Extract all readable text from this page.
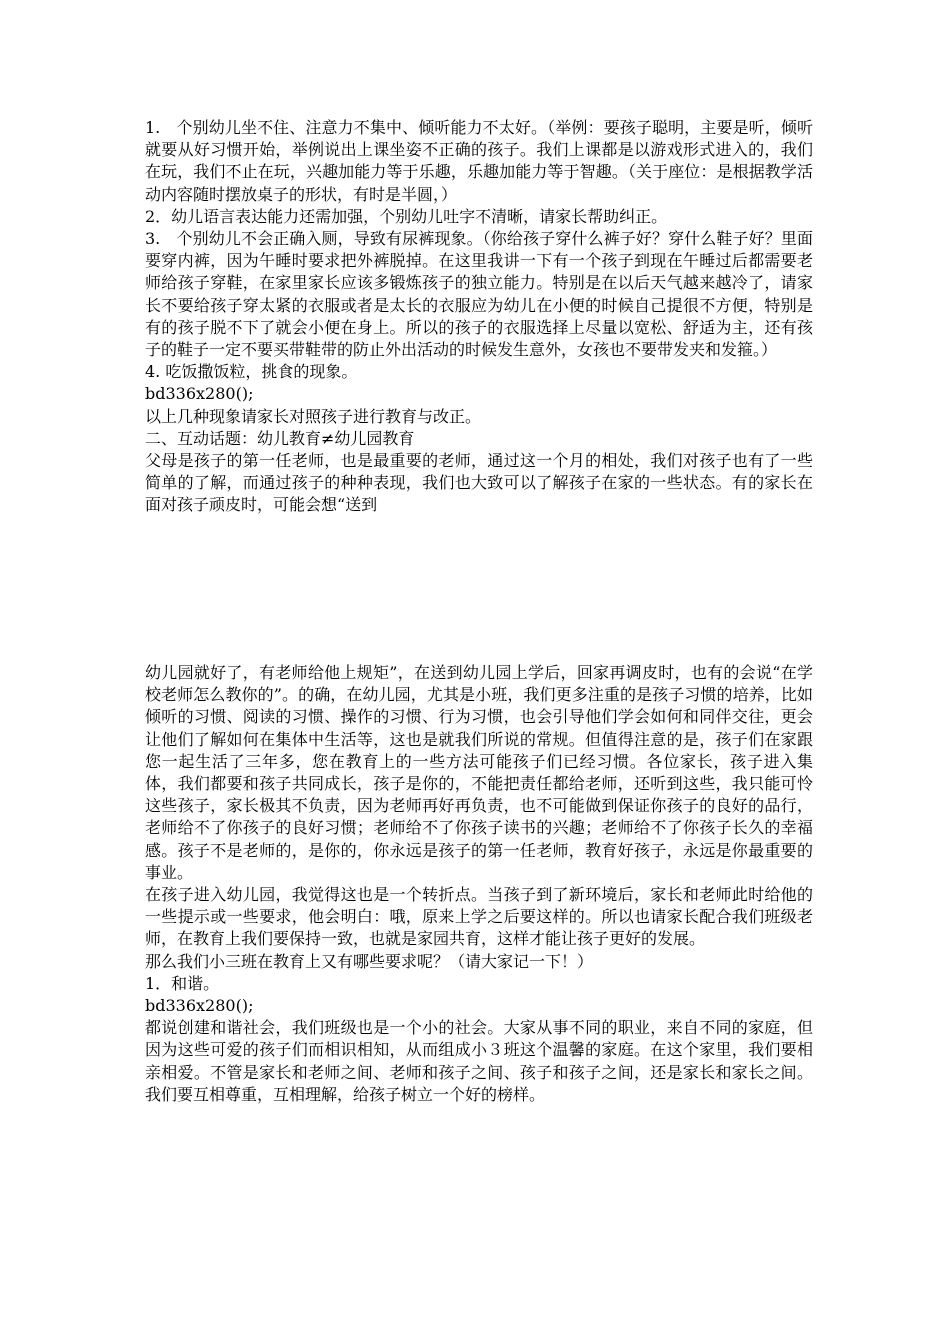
1.　个别幼儿坐不住、注意力不集中、倾听能力不太好。（举例：要孩子聪明，主要是听，倾听就要从好习惯开始，举例说出上课坐姿不正确的孩子。我们上课都是以游戏形式进入的，我们在玩，我们不止在玩，兴趣加能力等于乐趣，乐趣加能力等于智趣。（关于座位：是根据教学活动内容随时摆放桌子的形状，有时是半圆，）

2．幼儿语言表达能力还需加强，个别幼儿吐字不清晰，请家长帮助纠正。

3.　个别幼儿不会正确入厕，导致有尿裤现象。（你给孩子穿什么裤子好？穿什么鞋子好？里面要穿内裤，因为午睡时要求把外裤脱掉。在这里我讲一下有一个孩子到现在午睡过后都需要老师给孩子穿鞋，在家里家长应该多锻炼孩子的独立能力。特别是在以后天气越来越冷了，请家长不要给孩子穿太紧的衣服或者是太长的衣服应为幼儿在小便的时候自己提很不方便，特别是有的孩子脱不下了就会小便在身上。所以的孩子的衣服选择上尽量以宽松、舒适为主，还有孩子的鞋子一定不要买带鞋带的防止外出活动的时候发生意外，女孩也不要带发夹和发箍。）

4. 吃饭撒饭粒，挑食的现象。

bd336x280();

以上几种现象请家长对照孩子进行教育与改正。

二、互动话题：幼儿教育≠幼儿园教育

父母是孩子的第一任老师，也是最重要的老师，通过这一个月的相处，我们对孩子也有了一些简单的了解，而通过孩子的种种表现，我们也大致可以了解孩子在家的一些状态。有的家长在面对孩子顽皮时，可能会想“送到

幼儿园就好了，有老师给他上规矩”，在送到幼儿园上学后，回家再调皮时，也有的会说“在学校老师怎么教你的”。的确，在幼儿园，尤其是小班，我们更多注重的是孩子习惯的培养，比如倾听的习惯、阅读的习惯、操作的习惯、行为习惯，也会引导他们学会如何和同伴交往，更会让他们了解如何在集体中生活等，这也是就我们所说的常规。但值得注意的是，孩子们在家跟您一起生活了三年多，您在教育上的一些方法可能孩子们已经习惯。各位家长，孩子进入集体，我们都要和孩子共同成长，孩子是你的，不能把责任都给老师，还听到这些，我只能可怜这些孩子，家长极其不负责，因为老师再好再负责，也不可能做到保证你孩子的良好的品行，老师给不了你孩子的良好习惯；老师给不了你孩子读书的兴趣；老师给不了你孩子长久的幸福感。孩子不是老师的，是你的，你永远是孩子的第一任老师，教育好孩子，永远是你最重要的事业。

在孩子进入幼儿园，我觉得这也是一个转折点。当孩子到了新环境后，家长和老师此时给他的一些提示或一些要求，他会明白：哦，原来上学之后要这样的。所以也请家长配合我们班级老师，在教育上我们要保持一致，也就是家园共育，这样才能让孩子更好的发展。

那么我们小三班在教育上又有哪些要求呢？（请大家记一下！）

1．和谐。

bd336x280();

都说创建和谐社会，我们班级也是一个小的社会。大家从事不同的职业，来自不同的家庭，但因为这些可爱的孩子们而相识相知，从而组成小３班这个温馨的家庭。在这个家里，我们要相亲相爱。不管是家长和老师之间、老师和孩子之间、孩子和孩子之间，还是家长和家长之间。我们要互相尊重，互相理解，给孩子树立一个好的榜样。
